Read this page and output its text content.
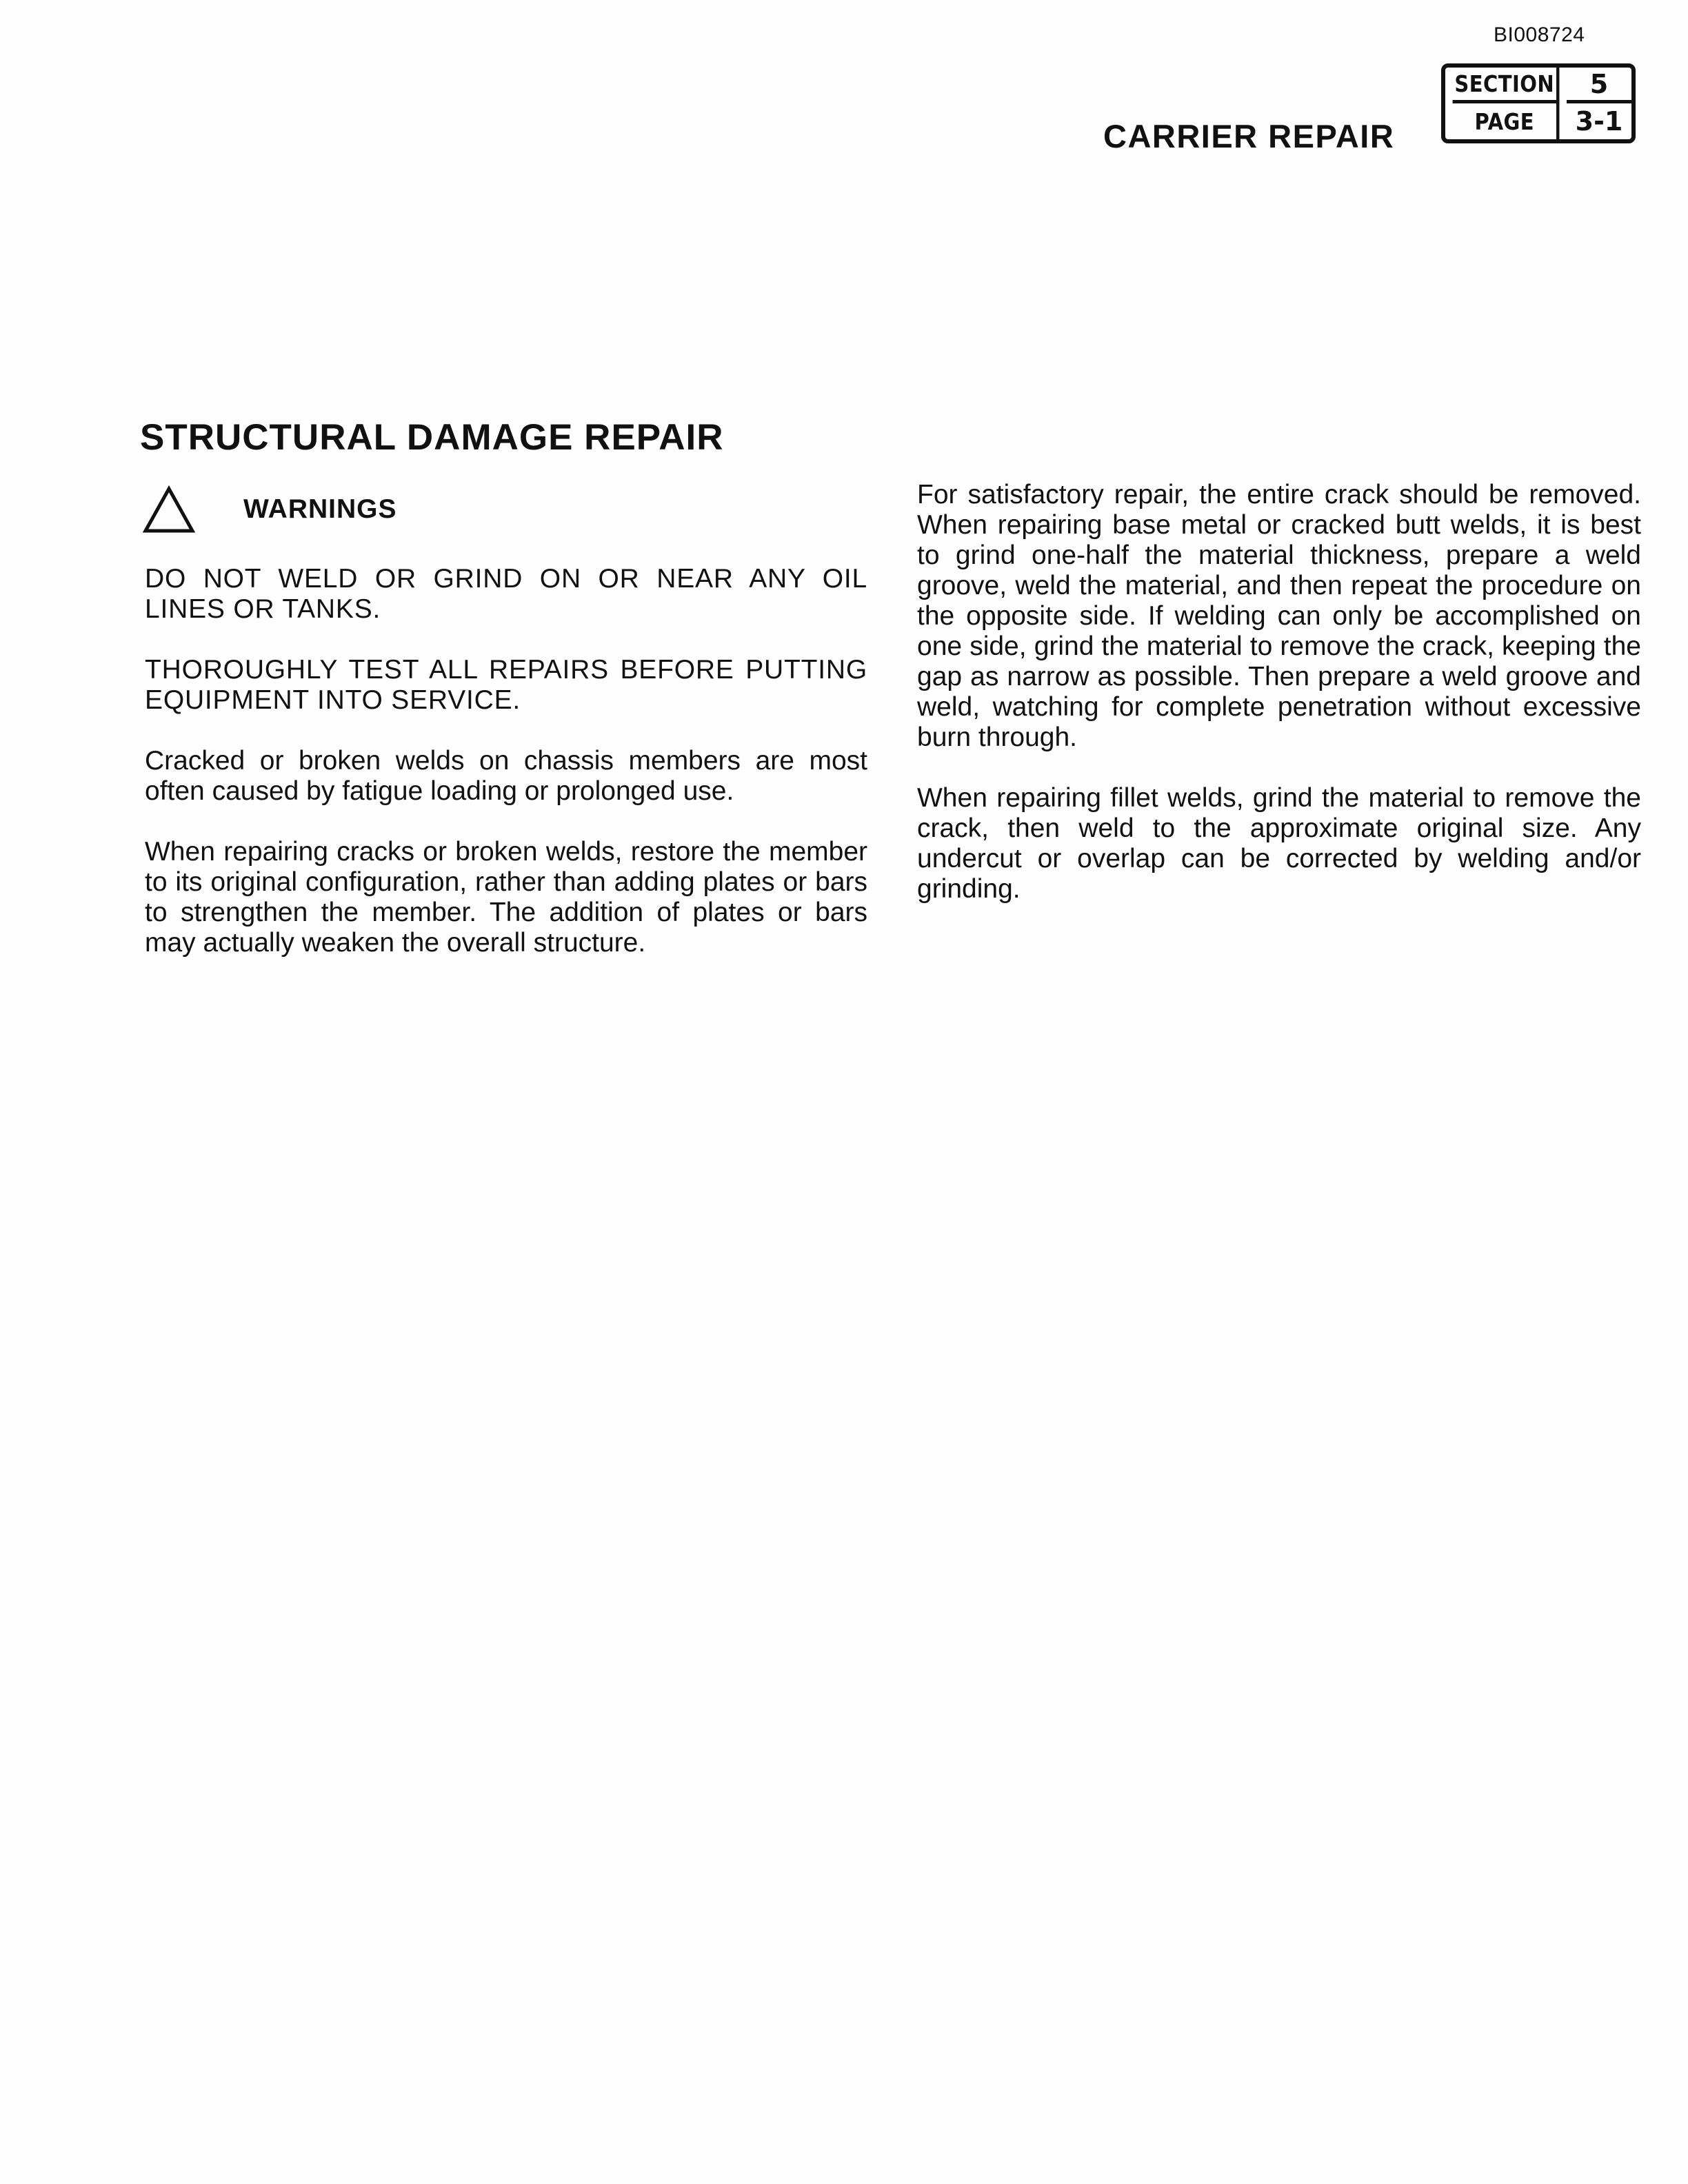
BI008724
SECTION	5
PAGE	3-1
CARRIER REPAIR
STRUCTURAL DAMAGE REPAIR
WARNINGS

DO NOT WELD OR GRIND ON OR NEAR ANY OIL LINES OR TANKS.

THOROUGHLY TEST ALL REPAIRS BEFORE PUTTING EQUIPMENT INTO SERVICE.

Cracked or broken welds on chassis members are most often caused by fatigue loading or prolonged use.

When repairing cracks or broken welds, restore the member to its original configuration, rather than adding plates or bars to strengthen the member. The addition of plates or bars may actually weaken the overall structure.

For satisfactory repair, the entire crack should be removed. When repairing base metal or cracked butt welds, it is best to grind one-half the material thickness, prepare a weld groove, weld the material, and then repeat the procedure on the opposite side. If welding can only be accomplished on one side, grind the material to remove the crack, keeping the gap as narrow as possible. Then prepare a weld groove and weld, watching for complete penetration without excessive burn through.

When repairing fillet welds, grind the material to remove the crack, then weld to the approximate original size. Any undercut or overlap can be corrected by welding and/or grinding.
